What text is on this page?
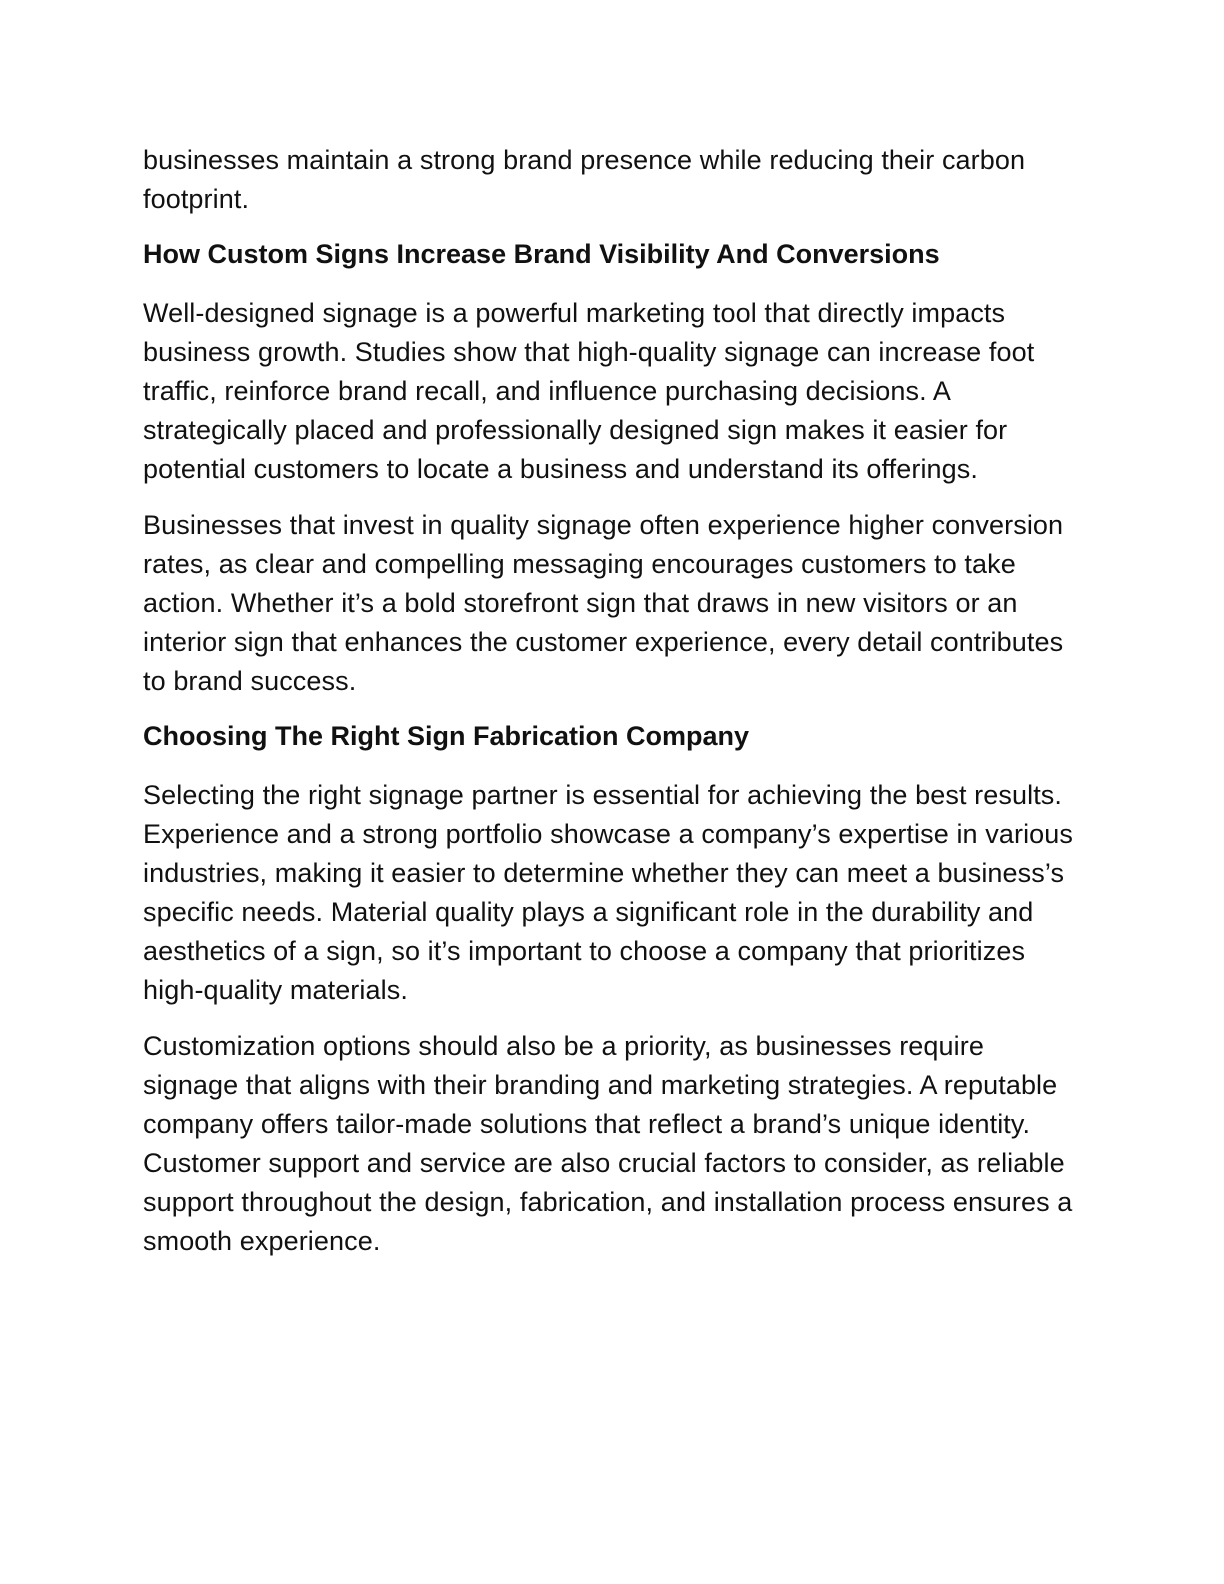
businesses maintain a strong brand presence while reducing their carbon footprint.

How Custom Signs Increase Brand Visibility And Conversions

Well-designed signage is a powerful marketing tool that directly impacts business growth. Studies show that high-quality signage can increase foot traffic, reinforce brand recall, and influence purchasing decisions. A strategically placed and professionally designed sign makes it easier for potential customers to locate a business and understand its offerings.

Businesses that invest in quality signage often experience higher conversion rates, as clear and compelling messaging encourages customers to take action. Whether it’s a bold storefront sign that draws in new visitors or an interior sign that enhances the customer experience, every detail contributes to brand success.

Choosing The Right Sign Fabrication Company

Selecting the right signage partner is essential for achieving the best results. Experience and a strong portfolio showcase a company’s expertise in various industries, making it easier to determine whether they can meet a business’s specific needs. Material quality plays a significant role in the durability and aesthetics of a sign, so it’s important to choose a company that prioritizes high-quality materials.

Customization options should also be a priority, as businesses require signage that aligns with their branding and marketing strategies. A reputable company offers tailor-made solutions that reflect a brand’s unique identity. Customer support and service are also crucial factors to consider, as reliable support throughout the design, fabrication, and installation process ensures a smooth experience.
